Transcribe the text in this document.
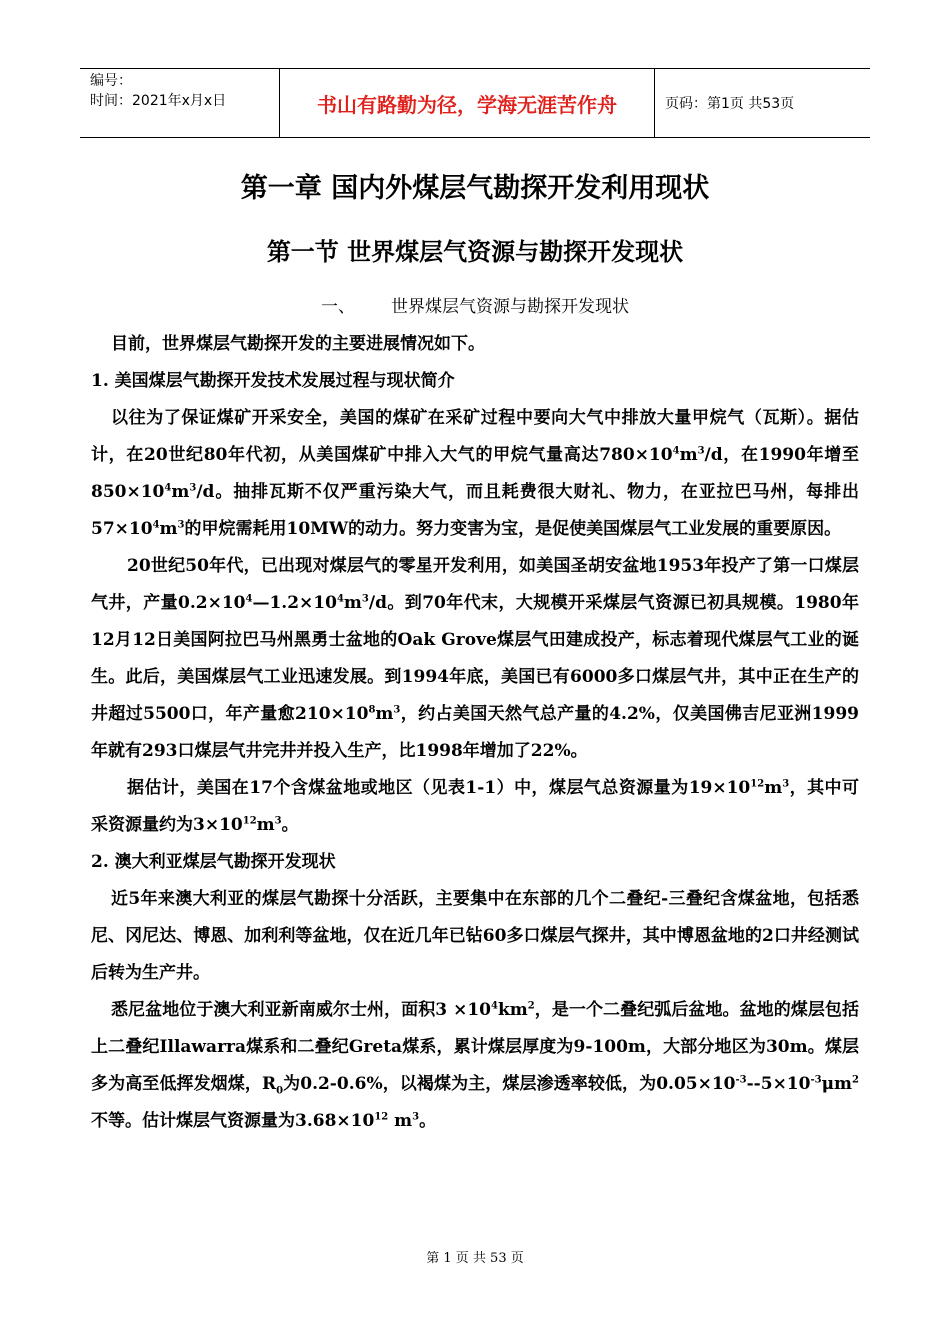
编号：
时间：2021年x月x日	书山有路勤为径，学海无涯苦作舟	页码：第1页 共53页
第一章 国内外煤层气勘探开发利用现状
第一节 世界煤层气资源与勘探开发现状
一、 世界煤层气资源与勘探开发现状

目前，世界煤层气勘探开发的主要进展情况如下。

1. 美国煤层气勘探开发技术发展过程与现状简介

以往为了保证煤矿开采安全，美国的煤矿在采矿过程中要向大气中排放大量甲烷气（瓦斯）。据估计，在20世纪80年代初，从美国煤矿中排入大气的甲烷气量高达$780\times 10^4m^3/d$，在1990年增至$850\times 10^4m^3/d$。抽排瓦斯不仅严重污染大气，而且耗费很大财礼、物力，在亚拉巴马州，每排出$57\times 10^4m^3$的甲烷需耗用10MW的动力。努力变害为宝，是促使美国煤层气工业发展的重要原因。

20世纪50年代，已出现对煤层气的零星开发利用，如美国圣胡安盆地1953年投产了第一口煤层气井，产量$0.2\times 10^4—1.2\times 10^4m^3/d$。到70年代末，大规模开采煤层气资源已初具规模。1980年12月12日美国阿拉巴马州黑勇士盆地的Oak Grove煤层气田建成投产，标志着现代煤层气工业的诞生。此后，美国煤层气工业迅速发展。到1994年底，美国已有6000多口煤层气井，其中正在生产的井超过5500口，年产量愈$210\times 10^8m^3$，约占美国天然气总产量的4.2%，仅美国佛吉尼亚洲1999年就有293口煤层气井完井并投入生产，比1998年增加了22%。

据估计，美国在17个含煤盆地或地区（见表1-1）中，煤层气总资源量为$19\times 10^{12}m^3$，其中可采资源量约为$3\times 10^{12}m^3$。

2. 澳大利亚煤层气勘探开发现状

近5年来澳大利亚的煤层气勘探十分活跃，主要集中在东部的几个二叠纪-三叠纪含煤盆地，包括悉尼、冈尼达、博恩、加利利等盆地，仅在近几年已钻60多口煤层气探井，其中博恩盆地的2口井经测试后转为生产井。

悉尼盆地位于澳大利亚新南威尔士州，面积$3 \times 10^4km^2$，是一个二叠纪弧后盆地。盆地的煤层包括上二叠纪Illawarra煤系和二叠纪Greta煤系，累计煤层厚度为9-100m，大部分地区为30m。煤层多为高至低挥发烟煤，$R_0$为0.2-0.6%，以褐煤为主，煤层渗透率较低，为$0.05\times 10^{-3}--5\times 10^{-3}\mu m^2$不等。估计煤层气资源量为$3.68\times 10^{12}$ $m^3$。

第 1 页 共 53 页
